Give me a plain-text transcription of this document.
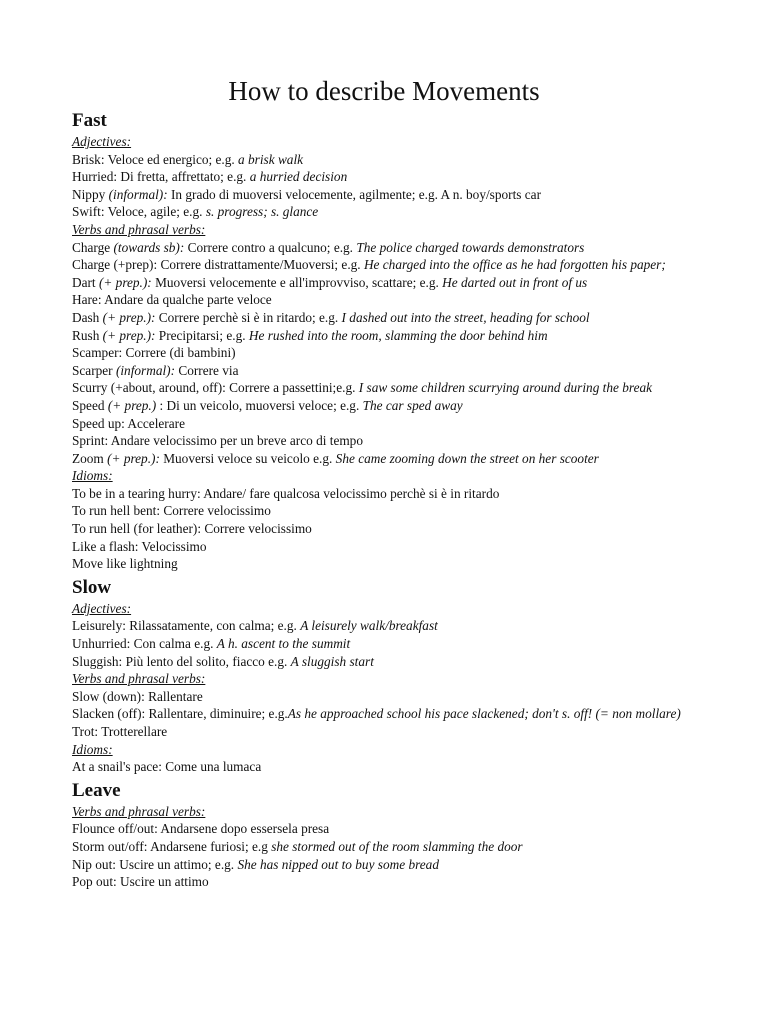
How to describe Movements
Fast
Adjectives:
Brisk: Veloce ed energico; e.g. a brisk walk
Hurried: Di fretta, affrettato; e.g. a hurried decision
Nippy (informal): In grado di muoversi velocemente, agilmente; e.g. A n. boy/sports car
Swift: Veloce, agile; e.g. s. progress; s. glance
Verbs and phrasal verbs:
Charge (towards sb): Correre contro a qualcuno; e.g. The police charged towards demonstrators
Charge (+prep): Correre distrattamente/Muoversi; e.g. He charged into the office as he had forgotten his paper;
Dart (+ prep.): Muoversi velocemente e all'improvviso, scattare; e.g. He darted out in front of us
Hare: Andare da qualche parte veloce
Dash (+ prep.): Correre perchè si è in ritardo; e.g. I dashed out into the street, heading for school
Rush (+ prep.): Precipitarsi; e.g. He rushed into the room, slamming the door behind him
Scamper: Correre (di bambini)
Scarper (informal): Correre via
Scurry (+about, around, off): Correre a passettini;e.g. I saw some children scurrying around during the break
Speed (+ prep.) : Di un veicolo, muoversi veloce; e.g. The car sped away
Speed up: Accelerare
Sprint: Andare velocissimo per un breve arco di tempo
Zoom (+ prep.): Muoversi veloce su veicolo e.g. She came zooming down the street on her scooter
Idioms:
To be in a tearing hurry: Andare/ fare qualcosa velocissimo perchè si è in ritardo
To run hell bent: Correre velocissimo
To run hell (for leather): Correre velocissimo
Like a flash: Velocissimo
Move like lightning
Slow
Adjectives:
Leisurely: Rilassatamente, con calma; e.g. A leisurely walk/breakfast
Unhurried: Con calma e.g. A h. ascent to the summit
Sluggish: Più lento del solito, fiacco e.g. A sluggish start
Verbs and phrasal verbs:
Slow (down): Rallentare
Slacken (off): Rallentare, diminuire; e.g.As he approached school his pace slackened; don't s. off! (= non mollare)
Trot: Trotterellare
Idioms:
At a snail's pace: Come una lumaca
Leave
Verbs and phrasal verbs:
Flounce off/out: Andarsene dopo essersela presa
Storm out/off: Andarsene furiosi; e.g she stormed out of the room slamming the door
Nip out: Uscire un attimo; e.g. She has nipped out to buy some bread
Pop out: Uscire un attimo
